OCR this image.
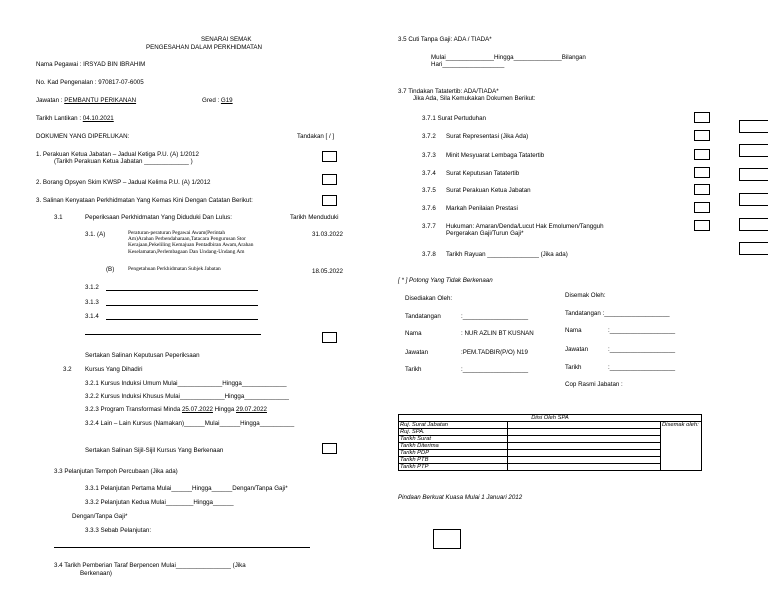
SENARAI SEMAK
PENGESAHAN DALAM PERKHIDMATAN
Nama Pegawai : IRSYAD BIN IBRAHIM
No. Kad Pengenalan : 970817-07-6005
Jawatan : PEMBANTU PERIKANAN	Gred : G19
Tarikh Lantikan : 04.10.2021
DOKUMEN YANG DIPERLUKAN:	Tandakan [ / ]
1. Perakuan Ketua Jabatan – Jadual Ketiga P.U. (A) 1/2012
(Tarikh Perakuan Ketua Jabatan _____________ )
2. Borang Opsyen Skim KWSP – Jadual Kelima P.U. (A) 1/2012
3. Salinan Kenyataan Perkhidmatan Yang Kemas Kini Dengan Catatan Berikut:
3.1	Peperiksaan Perkhidmatan Yang Diduduki Dan Lulus:	Tarikh Menduduki
3.1. (A)	Peraturan-peraturan Pegawai Awam(Perintah
Am)Arahan Perbendaharaan,Tatacara Pengurusan Stor
Kerajaan,Pekeliling Kemajuan Pentadbiran Awam,Arahan
Keselamatan,Perlembagaan Dan Undang-Undang Am
31.03.2022
(B)	Pengetahuan Perkhidmatan Subjek Jabatan	18.05.2022
3.1.2
3.1.3
3.1.4
Sertakan Salinan Keputusan Peperiksaan
3.2 Kursus Yang Dihadiri
3.2.1 Kursus Induksi Umum Mulai_____________Hingga_____________
3.2.2 Kursus Induksi Khusus Mulai_____________Hingga_____________
3.2.3 Program Transformasi Minda 25.07.2022 Hingga 29.07.2022
3.2.4 Lain – Lain Kursus (Namakan)______Mulai______Hingga__________
Sertakan Salinan Sijil-Sijil Kursus Yang Berkenaan
3.3 Pelanjutan Tempoh Percubaan (Jika ada)
3.3.1 Pelanjutan Pertama Mulai______Hingga______Dengan/Tanpa Gaji*
3.3.2 Pelanjutan Kedua Mulai________Hingga______
Dengan/Tanpa Gaji*
3.3.3 Sebab Pelanjutan:
3.4 Tarikh Pemberian Taraf Berpencen Mulai________________ (Jika
Berkenaan)
3.5 Cuti Tanpa Gaji: ADA / TIADA*
Mulai______________Hingga______________Bilangan
Hari__________________
3.7 Tindakan Tatatertib: ADA/TIADA*
Jika Ada, Sila Kemukakan Dokumen Berikut:
3.7.1 Surat Pertuduhan
3.7.2 Surat Representasi (Jika Ada)
3.7.3 Minit Mesyuarat Lembaga Tatatertib
3.7.4 Surat Keputusan Tatatertib
3.7.5 Surat Perakuan Ketua Jabatan
3.7.6 Markah Penilaian Prestasi
3.7.7 Hukuman: Amaran/Denda/Lucut Hak Emolumen/Tangguh
Pergerakan Gaji/Turun Gaji*
3.7.8 Tarikh Rayuan _______________ (Jika ada)
[ * ] Potong Yang Tidak Berkenaan
Disediakan Oleh:	Disemak Oleh:
Tandatangan	:___________________	Tandatangan :___________________
Nama	: NUR AZLIN BT KUSNAN	Nama	:___________________
Jawatan	:PEM.TADBIR(P/O) N19	Jawatan	:___________________
Tarikh	:___________________	Tarikh	:___________________
Cop Rasmi Jabatan :
Diisi Oleh SPA		
Ruj. Surat Jabatan		Disemak oleh:
Ruj. SPA.		
Tarikh Surat		
Tarikh Diterima		
Tarikh PDP		
Tarikh PTB		
Tarikh PTP		
Pindaan Berkuat Kuasa Mulai 1 Januari 2012
